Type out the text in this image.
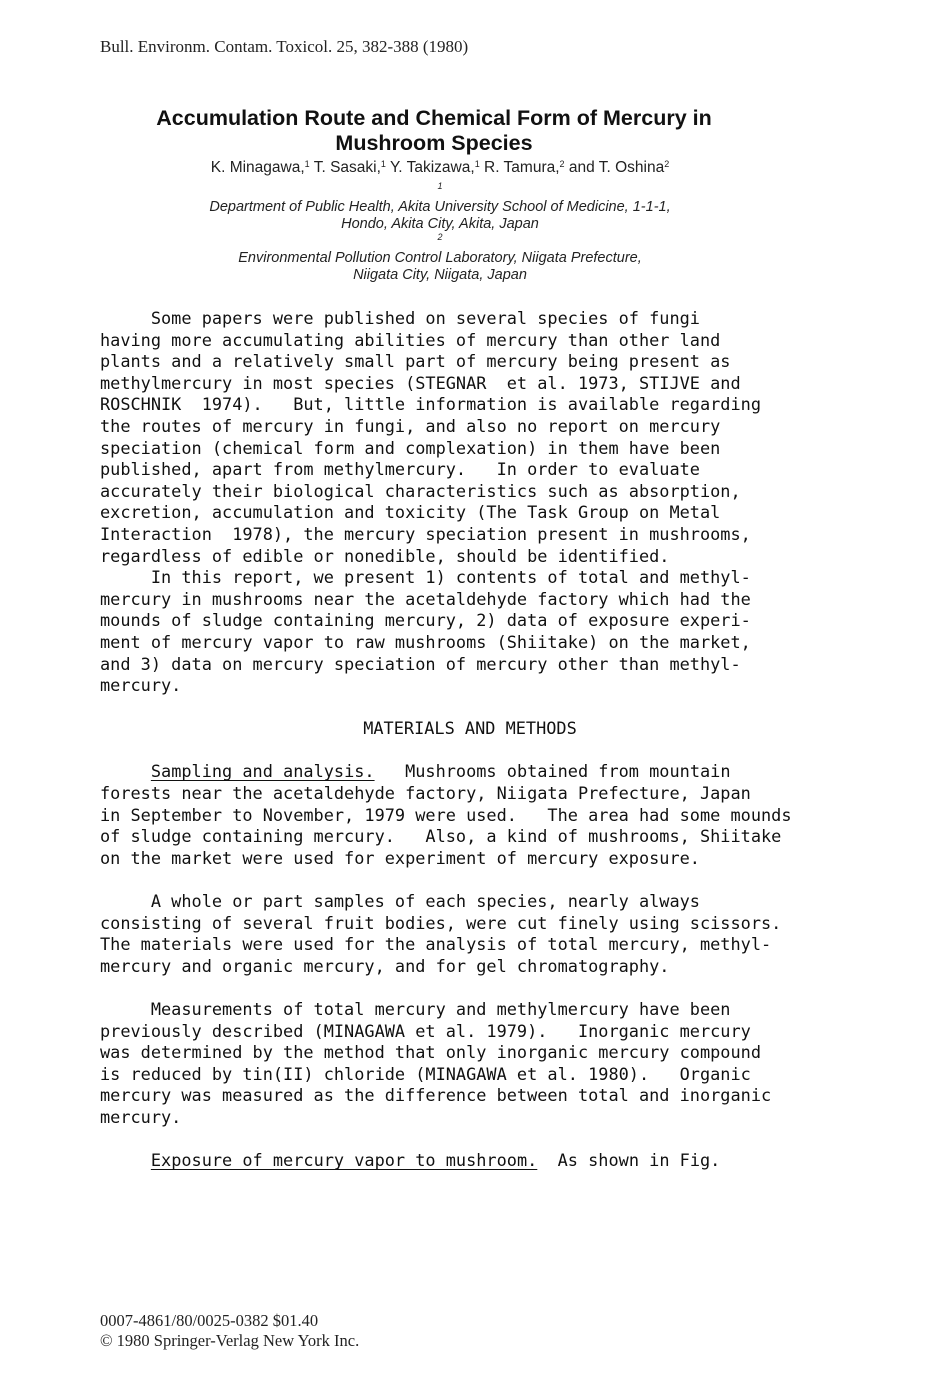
Bull. Environm. Contam. Toxicol. 25, 382-388 (1980)
Accumulation Route and Chemical Form of Mercury in
Mushroom Species
K. Minagawa,$^1$ T. Sasaki,$^1$ Y. Takizawa,$^1$ R. Tamura,$^2$ and T. Oshina$^2$
$^1$
Department of Public Health, Akita University School of Medicine, 1-1-1,
Hondo, Akita City, Akita, Japan
$^2$
Environmental Pollution Control Laboratory, Niigata Prefecture,
Niigata City, Niigata, Japan
Some papers were published on several species of fungi
having more accumulating abilities of mercury than other land
plants and a relatively small part of mercury being present as
methylmercury in most species (STEGNAR  et al. 1973, STIJVE and
ROSCHNIK  1974).   But, little information is available regarding
the routes of mercury in fungi, and also no report on mercury
speciation (chemical form and complexation) in them have been
published, apart from methylmercury.   In order to evaluate
accurately their biological characteristics such as absorption,
excretion, accumulation and toxicity (The Task Group on Metal
Interaction  1978), the mercury speciation present in mushrooms,
regardless of edible or nonedible, should be identified.
In this report, we present 1) contents of total and methyl-
mercury in mushrooms near the acetaldehyde factory which had the
mounds of sludge containing mercury, 2) data of exposure experi-
ment of mercury vapor to raw mushrooms (Shiitake) on the market,
and 3) data on mercury speciation of mercury other than methyl-
mercury.
MATERIALS AND METHODS
Sampling and analysis.   Mushrooms obtained from mountain
forests near the acetaldehyde factory, Niigata Prefecture, Japan
in September to November, 1979 were used.   The area had some mounds
of sludge containing mercury.   Also, a kind of mushrooms, Shiitake
on the market were used for experiment of mercury exposure.
A whole or part samples of each species, nearly always
consisting of several fruit bodies, were cut finely using scissors.
The materials were used for the analysis of total mercury, methyl-
mercury and organic mercury, and for gel chromatography.
Measurements of total mercury and methylmercury have been
previously described (MINAGAWA et al. 1979).   Inorganic mercury
was determined by the method that only inorganic mercury compound
is reduced by tin(II) chloride (MINAGAWA et al. 1980).   Organic
mercury was measured as the difference between total and inorganic
mercury.
Exposure of mercury vapor to mushroom.  As shown in Fig.
0007-4861/80/0025-0382 $01.40
© 1980 Springer-Verlag New York Inc.
